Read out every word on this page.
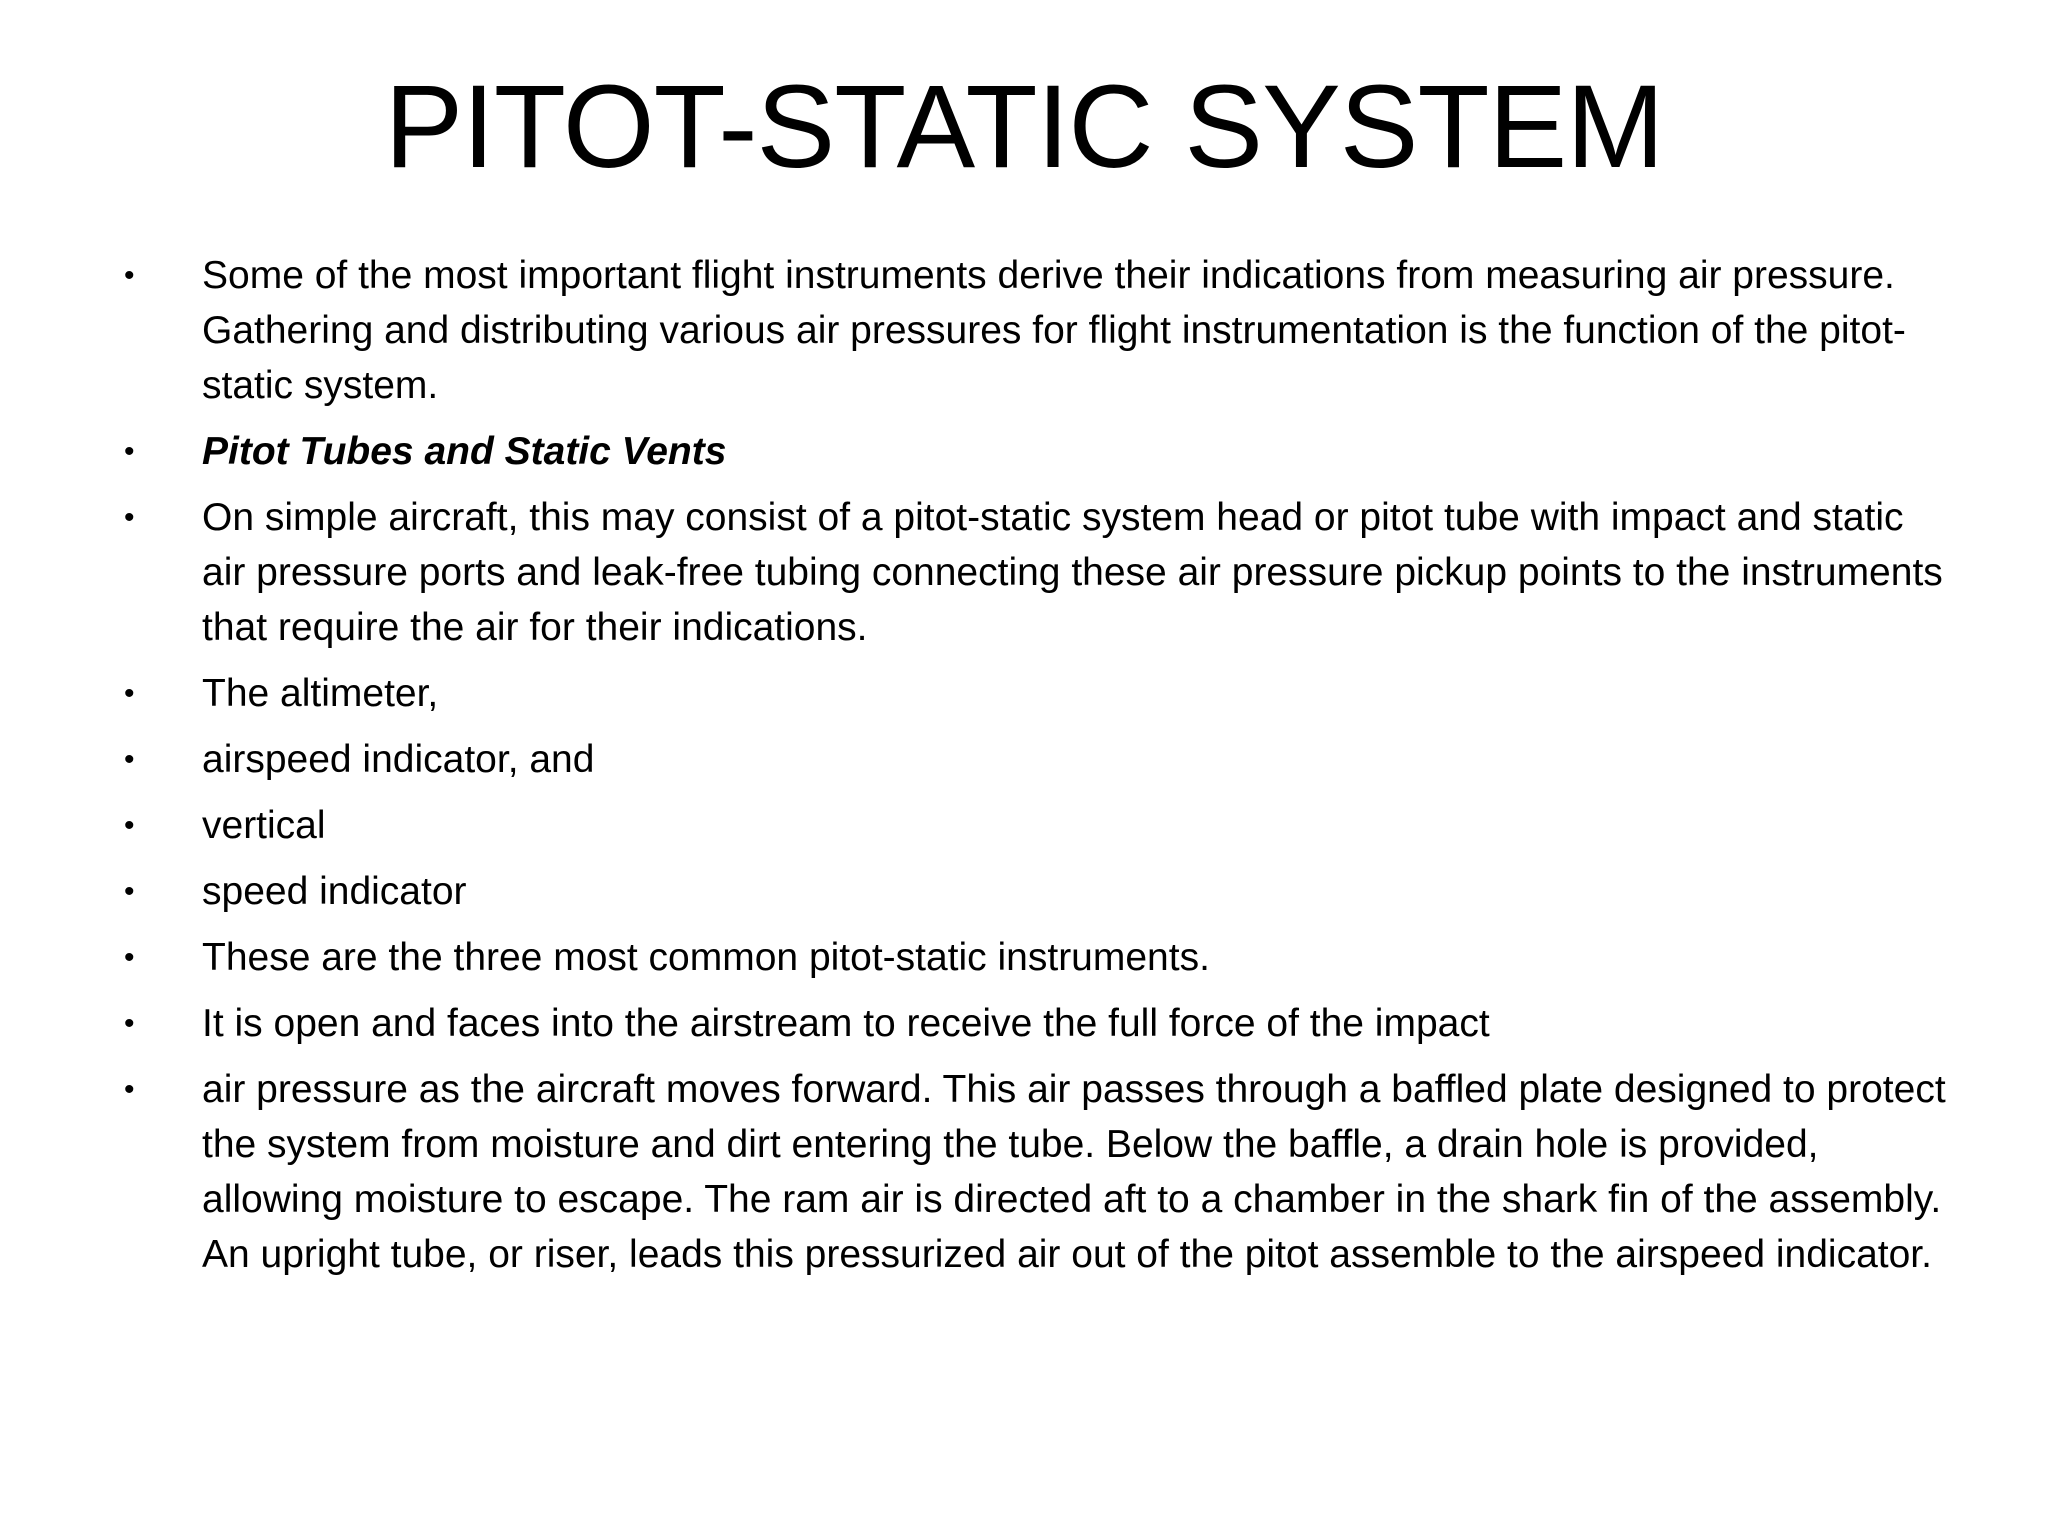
PITOT-STATIC SYSTEM
• Some of the most important flight instruments derive their indications from measuring air pressure. Gathering and distributing various air pressures for flight instrumentation is the function of the pitot-static system.
• Pitot Tubes and Static Vents
• On simple aircraft, this may consist of a pitot-static system head or pitot tube with impact and static air pressure ports and leak-free tubing connecting these air pressure pickup points to the instruments that require the air for their indications.
• The altimeter,
• airspeed indicator, and
• vertical
• speed indicator
• These are the three most common pitot-static instruments.
• It is open and faces into the airstream to receive the full force of the impact
• air pressure as the aircraft moves forward. This air passes through a baffled plate designed to protect the system from moisture and dirt entering the tube. Below the baffle, a drain hole is provided, allowing moisture to escape. The ram air is directed aft to a chamber in the shark fin of the assembly. An upright tube, or riser, leads this pressurized air out of the pitot assemble to the airspeed indicator.
